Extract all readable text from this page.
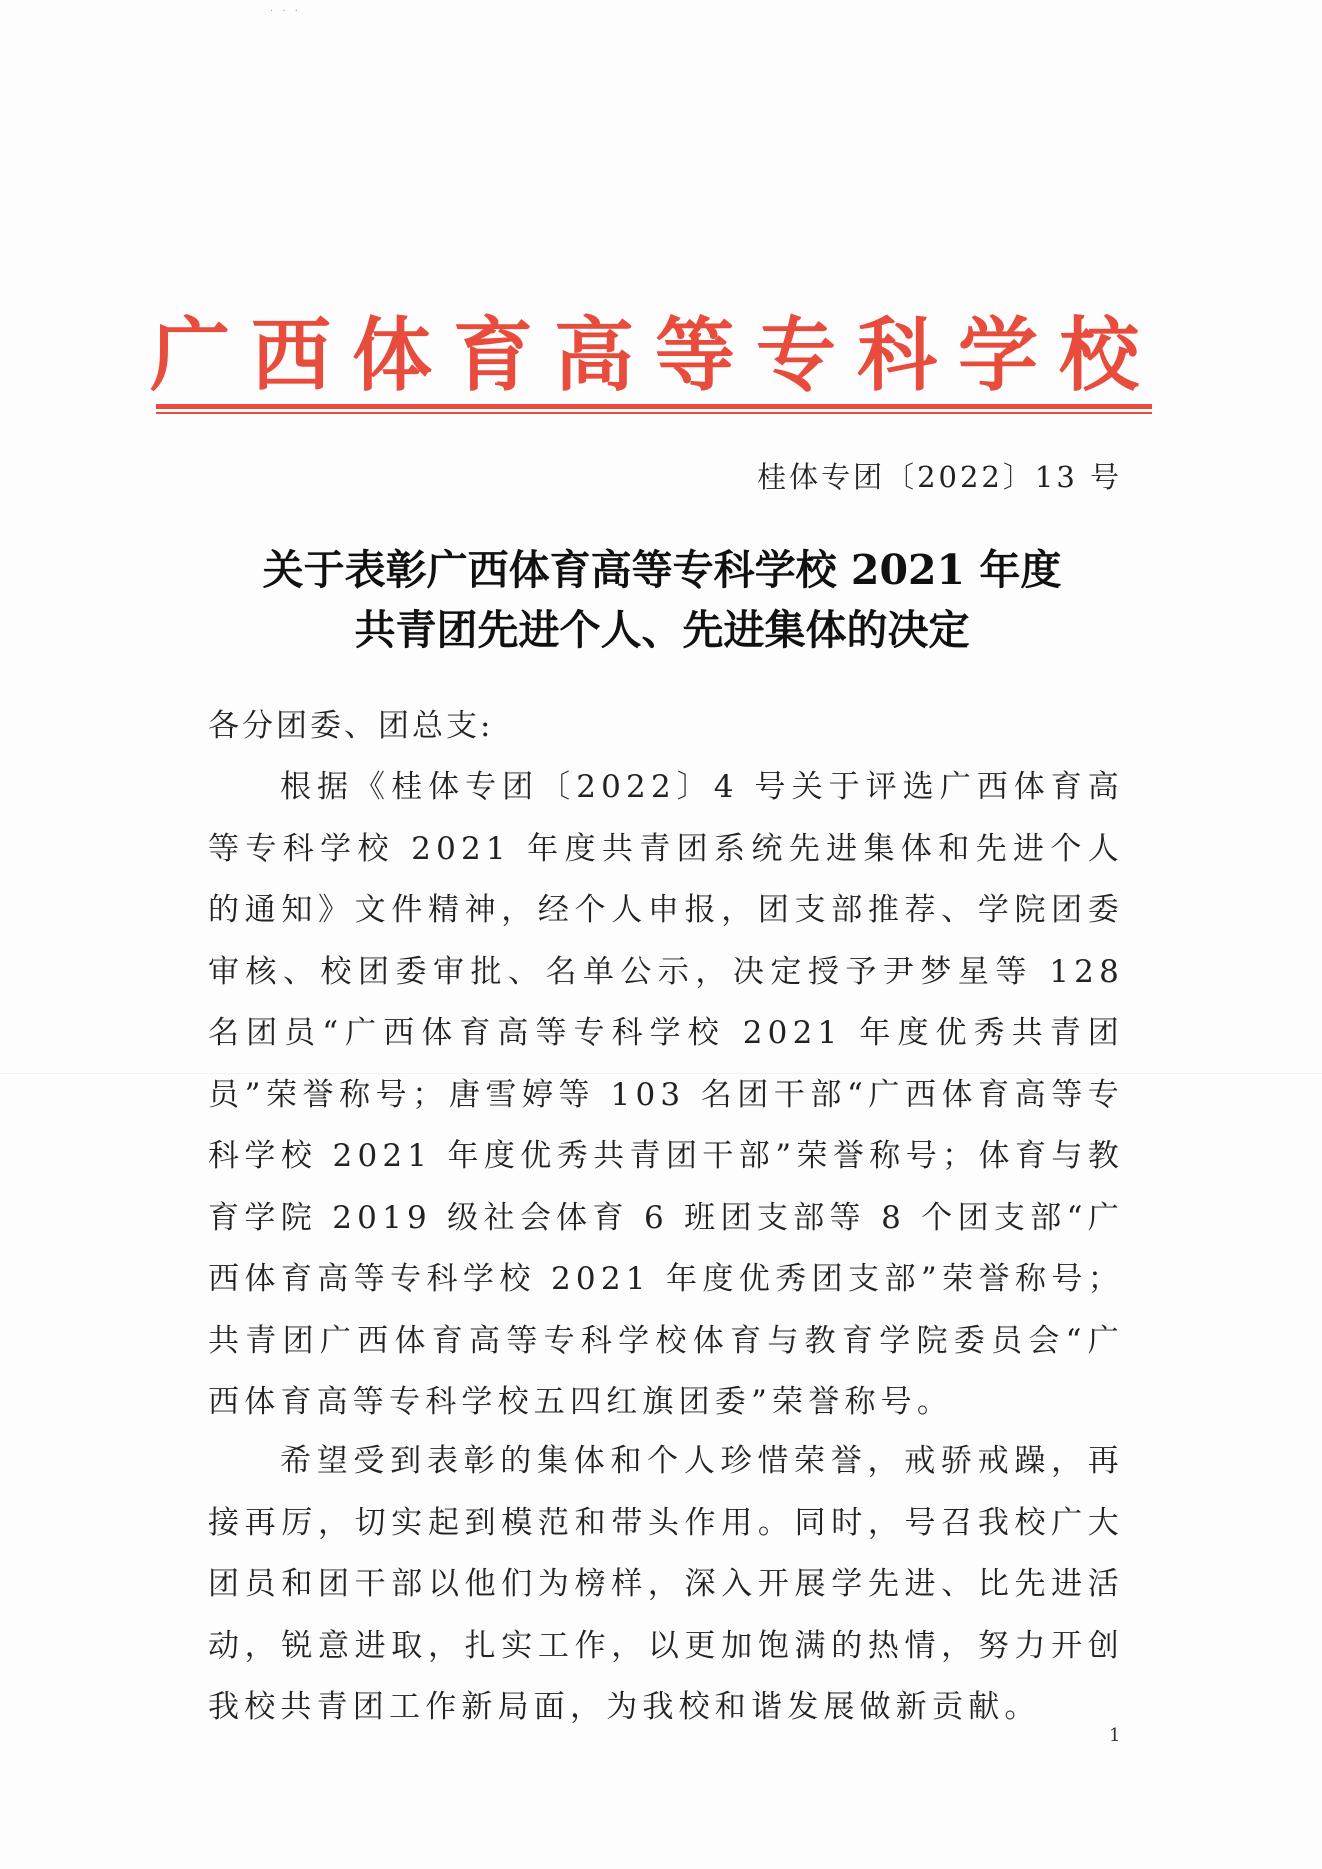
· · ·
广西体育高等专科学校
桂体专团〔2022〕13 号
关于表彰广西体育高等专科学校 2021 年度
共青团先进个人、先进集体的决定
各分团委、团总支:

根据《桂体专团〔2022〕4 号关于评选广西体育高等专科学校 2021 年度共青团系统先进集体和先进个人的通知》文件精神，经个人申报，团支部推荐、学院团委审核、校团委审批、名单公示，决定授予尹梦星等 128 名团员“广西体育高等专科学校 2021 年度优秀共青团员”荣誉称号；唐雪婷等 103 名团干部“广西体育高等专科学校 2021 年度优秀共青团干部”荣誉称号；体育与教育学院 2019 级社会体育 6 班团支部等 8 个团支部“广西体育高等专科学校 2021 年度优秀团支部”荣誉称号；共青团广西体育高等专科学校体育与教育学院委员会“广西体育高等专科学校五四红旗团委”荣誉称号。

希望受到表彰的集体和个人珍惜荣誉，戒骄戒躁，再接再厉，切实起到模范和带头作用。同时，号召我校广大团员和团干部以他们为榜样，深入开展学先进、比先进活动，锐意进取，扎实工作，以更加饱满的热情，努力开创我校共青团工作新局面，为我校和谐发展做新贡献。

1
